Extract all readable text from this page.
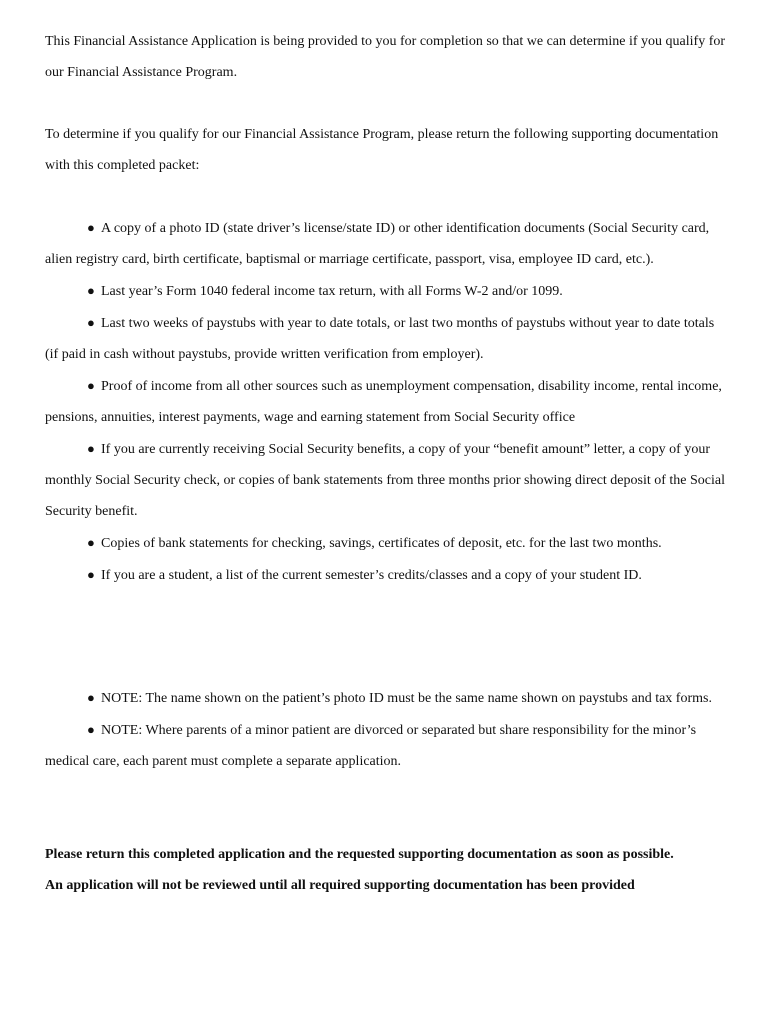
This Financial Assistance Application is being provided to you for completion so that we can determine if you qualify for our Financial Assistance Program.

To determine if you qualify for our Financial Assistance Program, please return the following supporting documentation with this completed packet:

● A copy of a photo ID (state driver’s license/state ID) or other identification documents (Social Security card, alien registry card, birth certificate, baptismal or marriage certificate, passport, visa, employee ID card, etc.).

● Last year’s Form 1040 federal income tax return, with all Forms W-2 and/or 1099.

● Last two weeks of paystubs with year to date totals, or last two months of paystubs without year to date totals (if paid in cash without paystubs, provide written verification from employer).

● Proof of income from all other sources such as unemployment compensation, disability income, rental income, pensions, annuities, interest payments, wage and earning statement from Social Security office

● If you are currently receiving Social Security benefits, a copy of your “benefit amount” letter, a copy of your monthly Social Security check, or copies of bank statements from three months prior showing direct deposit of the Social Security benefit.

● Copies of bank statements for checking, savings, certificates of deposit, etc. for the last two months.

● If you are a student, a list of the current semester’s credits/classes and a copy of your student ID.

● NOTE: The name shown on the patient’s photo ID must be the same name shown on paystubs and tax forms.

● NOTE: Where parents of a minor patient are divorced or separated but share responsibility for the minor’s medical care, each parent must complete a separate application.

Please return this completed application and the requested supporting documentation as soon as possible.

An application will not be reviewed until all required supporting documentation has been provided
